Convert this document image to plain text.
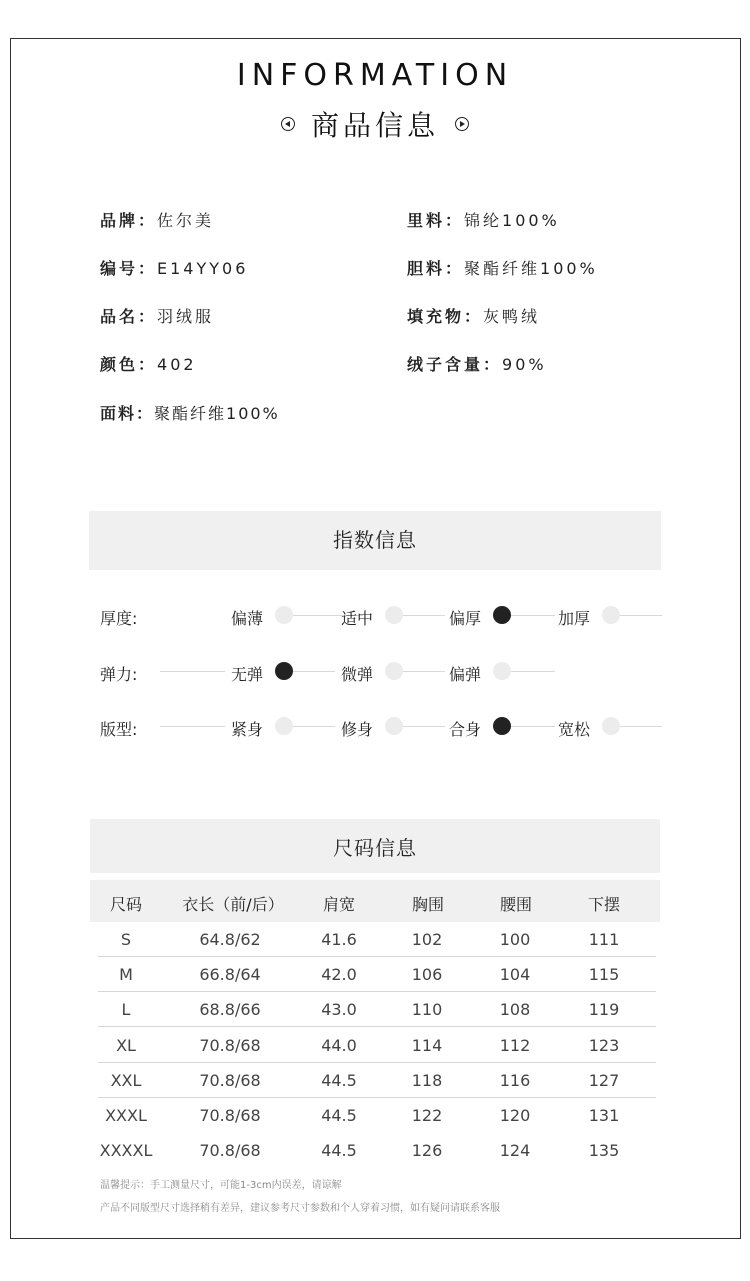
INFORMATION
商品信息
品牌：佐尔美
编号：E14YY06
品名：羽绒服
颜色：402
面料：聚酯纤维100%
里料：锦纶100%
胆料：聚酯纤维100%
填充物：灰鸭绒
绒子含量：90%
指数信息
厚度:	偏薄	适中	偏厚	加厚
弹力:	无弹	微弹	偏弹
版型:	紧身	修身	合身	宽松
尺码信息
尺码	衣长（前/后）	肩宽	胸围	腰围	下摆
S	64.8/62	41.6	102	100	111
M	66.8/64	42.0	106	104	115
L	68.8/66	43.0	110	108	119
XL	70.8/68	44.0	114	112	123
XXL	70.8/68	44.5	118	116	127
XXXL	70.8/68	44.5	122	120	131
XXXXL	70.8/68	44.5	126	124	135
温馨提示：手工测量尺寸，可能1-3cm内误差，请谅解
产品不同版型尺寸选择稍有差异，建议参考尺寸参数和个人穿着习惯，如有疑问请联系客服
